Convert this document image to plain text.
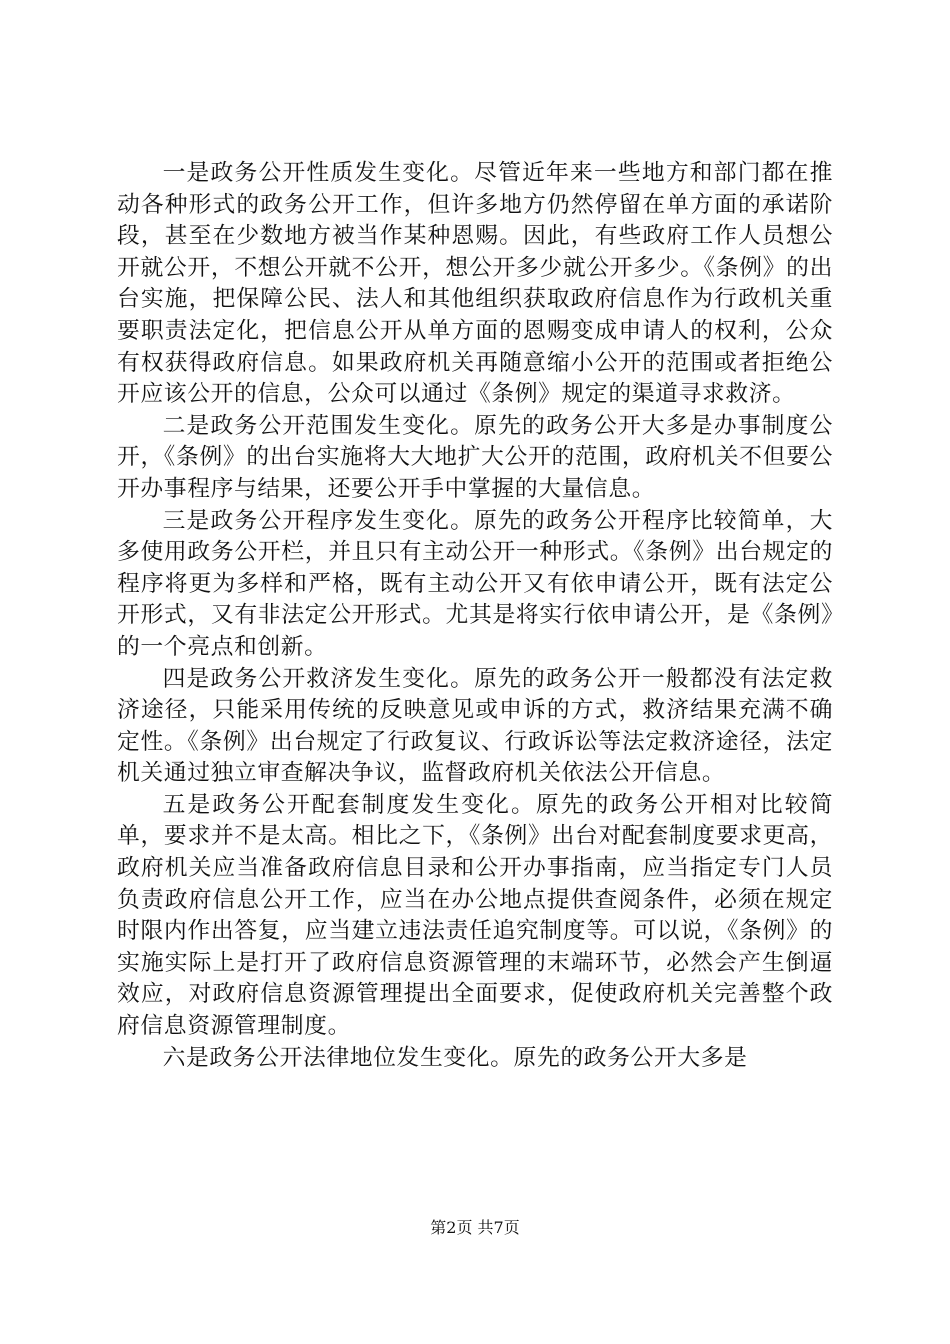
一是政务公开性质发生变化。尽管近年来一些地方和部门都在推动各种形式的政务公开工作，但许多地方仍然停留在单方面的承诺阶段，甚至在少数地方被当作某种恩赐。因此，有些政府工作人员想公开就公开，不想公开就不公开，想公开多少就公开多少。《条例》的出台实施，把保障公民、法人和其他组织获取政府信息作为行政机关重要职责法定化，把信息公开从单方面的恩赐变成申请人的权利，公众有权获得政府信息。如果政府机关再随意缩小公开的范围或者拒绝公开应该公开的信息，公众可以通过《条例》规定的渠道寻求救济。

二是政务公开范围发生变化。原先的政务公开大多是办事制度公开，《条例》的出台实施将大大地扩大公开的范围，政府机关不但要公开办事程序与结果，还要公开手中掌握的大量信息。

三是政务公开程序发生变化。原先的政务公开程序比较简单，大多使用政务公开栏，并且只有主动公开一种形式。《条例》出台规定的程序将更为多样和严格，既有主动公开又有依申请公开，既有法定公开形式，又有非法定公开形式。尤其是将实行依申请公开，是《条例》的一个亮点和创新。

四是政务公开救济发生变化。原先的政务公开一般都没有法定救济途径，只能采用传统的反映意见或申诉的方式，救济结果充满不确定性。《条例》出台规定了行政复议、行政诉讼等法定救济途径，法定机关通过独立审查解决争议，监督政府机关依法公开信息。

五是政务公开配套制度发生变化。原先的政务公开相对比较简单，要求并不是太高。相比之下，《条例》出台对配套制度要求更高，政府机关应当准备政府信息目录和公开办事指南，应当指定专门人员负责政府信息公开工作，应当在办公地点提供查阅条件，必须在规定时限内作出答复，应当建立违法责任追究制度等。可以说，《条例》的实施实际上是打开了政府信息资源管理的末端环节，必然会产生倒逼效应，对政府信息资源管理提出全面要求，促使政府机关完善整个政府信息资源管理制度。

六是政务公开法律地位发生变化。原先的政务公开大多是

第2页 共7页
